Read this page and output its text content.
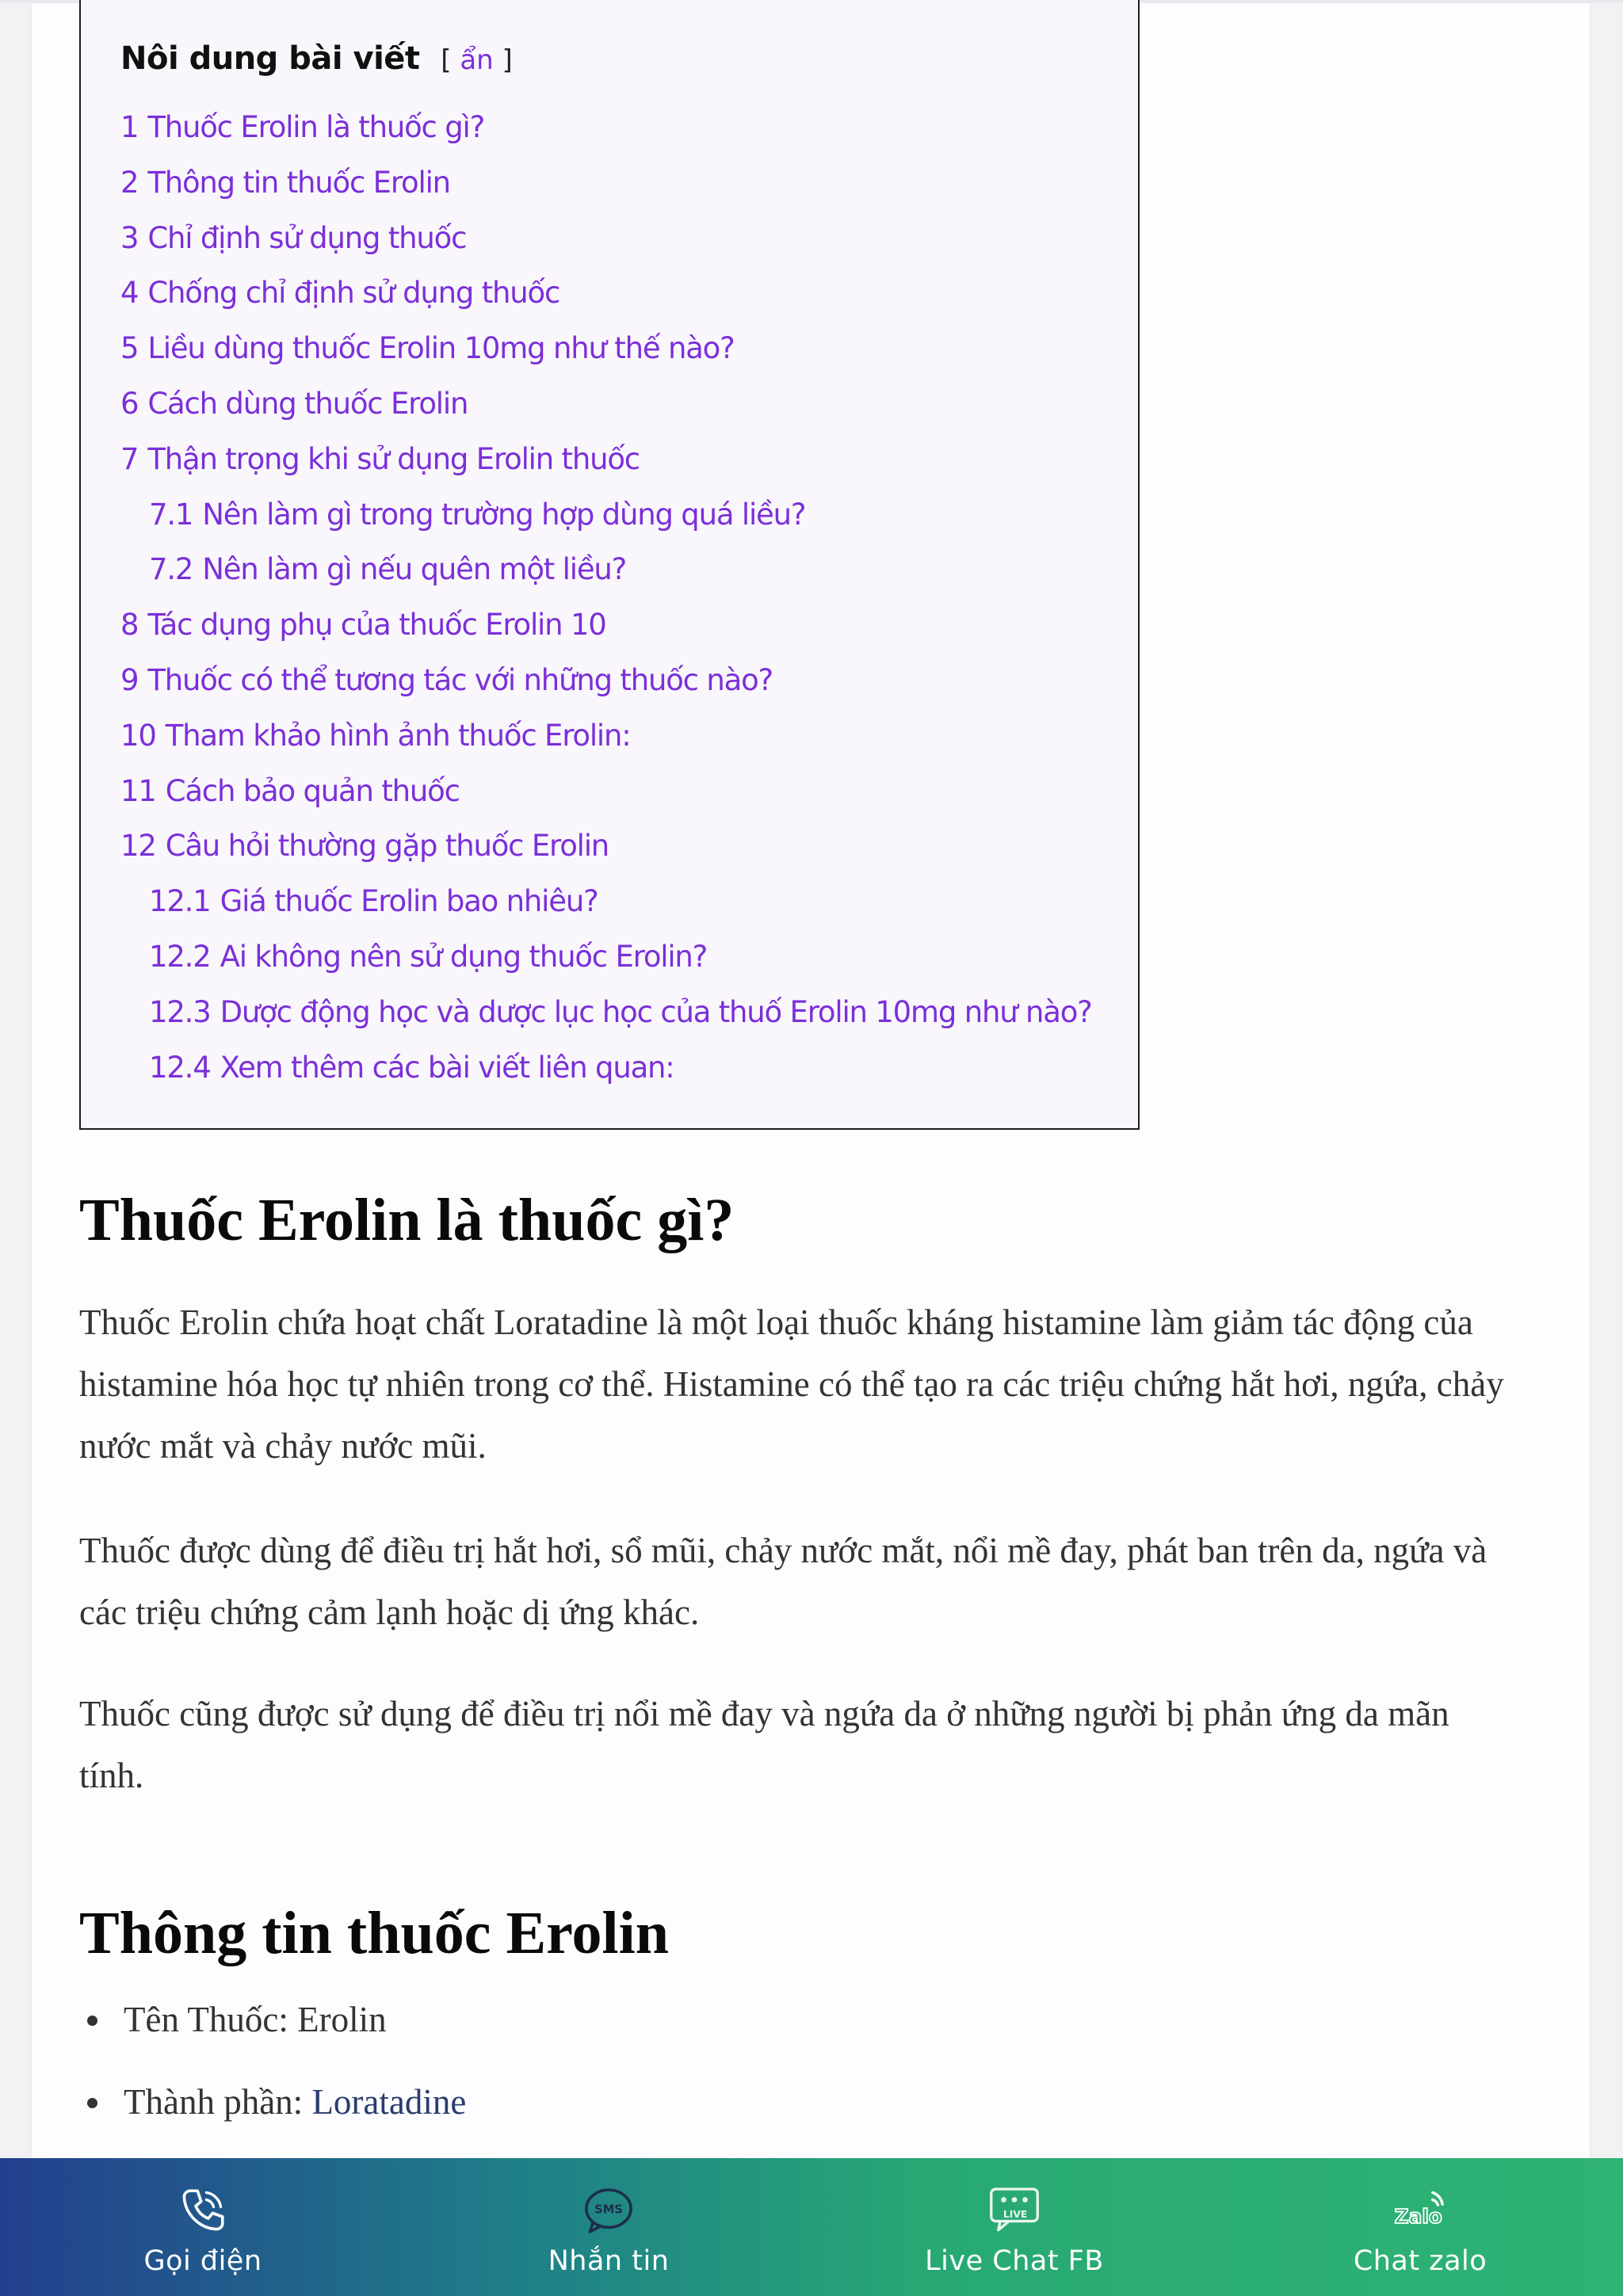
Nôi dung bài viết [ ẩn ]
1 Thuốc Erolin là thuốc gì?
2 Thông tin thuốc Erolin
3 Chỉ định sử dụng thuốc
4 Chống chỉ định sử dụng thuốc
5 Liều dùng thuốc Erolin 10mg như thế nào?
6 Cách dùng thuốc Erolin
7 Thận trọng khi sử dụng Erolin thuốc
7.1 Nên làm gì trong trường hợp dùng quá liều?
7.2 Nên làm gì nếu quên một liều?
8 Tác dụng phụ của thuốc Erolin 10
9 Thuốc có thể tương tác với những thuốc nào?
10 Tham khảo hình ảnh thuốc Erolin:
11 Cách bảo quản thuốc
12 Câu hỏi thường gặp thuốc Erolin
12.1 Giá thuốc Erolin bao nhiêu?
12.2 Ai không nên sử dụng thuốc Erolin?
12.3 Dược động học và dược lục học của thuố Erolin 10mg như nào?
12.4 Xem thêm các bài viết liên quan:
Thuốc Erolin là thuốc gì?

Thuốc Erolin chứa hoạt chất Loratadine là một loại thuốc kháng histamine làm giảm tác động của histamine hóa học tự nhiên trong cơ thể. Histamine có thể tạo ra các triệu chứng hắt hơi, ngứa, chảy nước mắt và chảy nước mũi.

Thuốc được dùng để điều trị hắt hơi, sổ mũi, chảy nước mắt, nổi mề đay, phát ban trên da, ngứa và các triệu chứng cảm lạnh hoặc dị ứng khác.

Thuốc cũng được sử dụng để điều trị nổi mề đay và ngứa da ở những người bị phản ứng da mãn tính.

Thông tin thuốc Erolin
Tên Thuốc: Erolin
Thành phần: Loratadine
Gọi điện
SMS
Nhắn tin
LIVE
Live Chat FB
Zalo
Chat zalo
